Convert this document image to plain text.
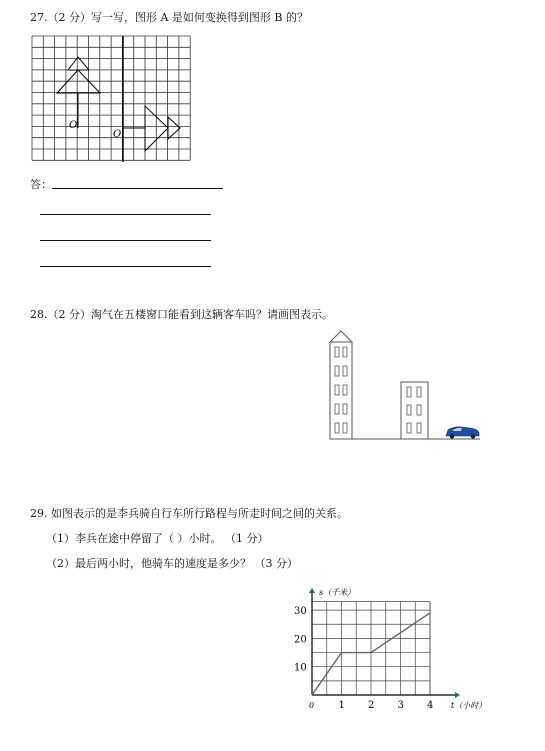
27.（2 分）写一写，图形 A 是如何变换得到图形 B 的？
O
O
答：
28.（2 分）淘气在五楼窗口能看到这辆客车吗？请画图表示。
29. 如图表示的是李兵骑自行车所行路程与所走时间之间的关系。
（1）李兵在途中停留了（ ）小时。 （1 分）
（2）最后两小时，他骑车的速度是多少？ （3 分）
s（千米）
t（小时）
0 1 2 3 4
10
20
30
